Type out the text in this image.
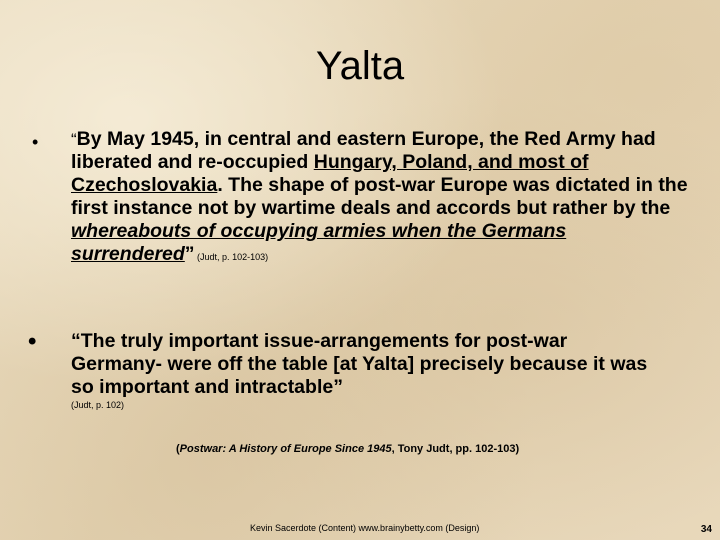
Yalta
• “By May 1945, in central and eastern Europe, the Red Army had liberated and re-occupied Hungary, Poland, and most of Czechoslovakia. The shape of post-war Europe was dictated in the first instance not by wartime deals and accords but rather by the whereabouts of occupying armies when the Germans surrendered” (Judt, p. 102-103)

• “The truly important issue-arrangements for post-war Germany- were off the table [at Yalta] precisely because it was so important and intractable”

(Judt, p. 102)
(Postwar: A History of Europe Since 1945, Tony Judt, pp. 102-103)
Kevin Sacerdote (Content) www.brainybetty.com (Design)	34
